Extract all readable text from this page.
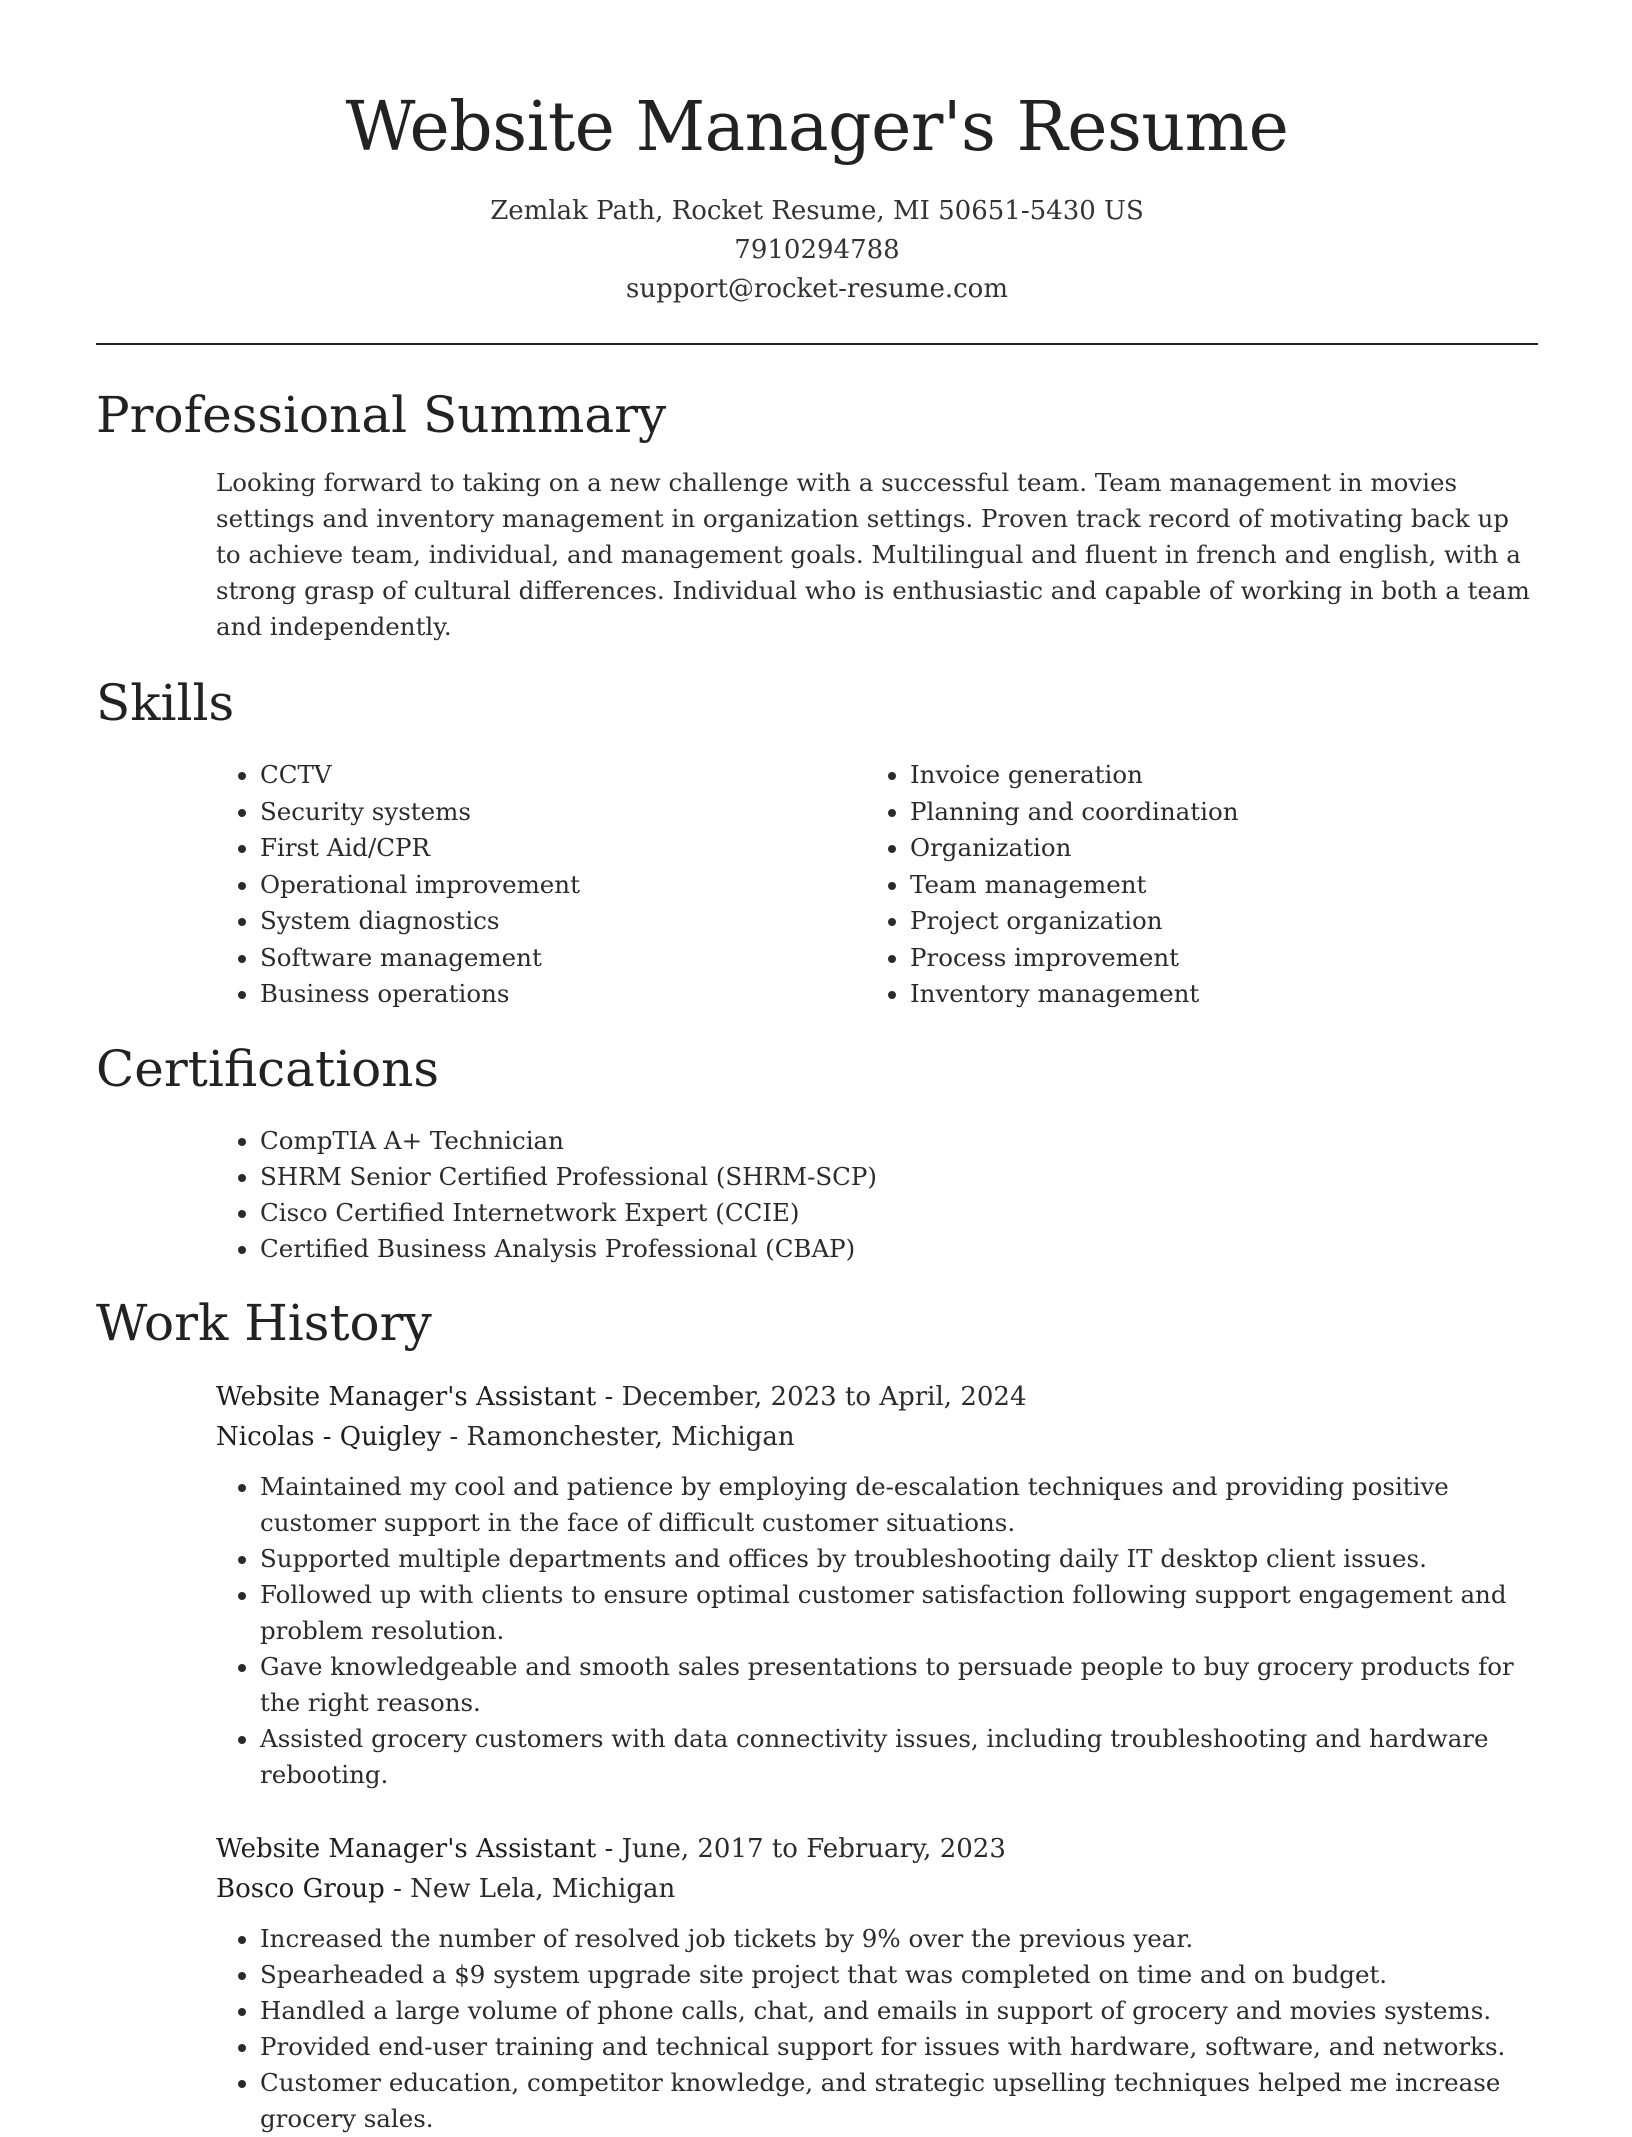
Website Manager's Resume
Zemlak Path, Rocket Resume, MI 50651-5430 US
7910294788
support@rocket-resume.com
Professional Summary

Looking forward to taking on a new challenge with a successful team. Team management in movies settings and inventory management in organization settings. Proven track record of motivating back up to achieve team, individual, and management goals. Multilingual and fluent in french and english, with a strong grasp of cultural differences. Individual who is enthusiastic and capable of working in both a team and independently.

Skills
• CCTV
• Security systems
• First Aid/CPR
• Operational improvement
• System diagnostics
• Software management
• Business operations
• Invoice generation
• Planning and coordination
• Organization
• Team management
• Project organization
• Process improvement
• Inventory management
Certifications
• CompTIA A+ Technician
• SHRM Senior Certified Professional (SHRM-SCP)
• Cisco Certified Internetwork Expert (CCIE)
• Certified Business Analysis Professional (CBAP)
Work History
Website Manager's Assistant - December, 2023 to April, 2024
Nicolas - Quigley - Ramonchester, Michigan
• Maintained my cool and patience by employing de-escalation techniques and providing positive customer support in the face of difficult customer situations.
• Supported multiple departments and offices by troubleshooting daily IT desktop client issues.
• Followed up with clients to ensure optimal customer satisfaction following support engagement and problem resolution.
• Gave knowledgeable and smooth sales presentations to persuade people to buy grocery products for the right reasons.
• Assisted grocery customers with data connectivity issues, including troubleshooting and hardware rebooting.
Website Manager's Assistant - June, 2017 to February, 2023
Bosco Group - New Lela, Michigan
• Increased the number of resolved job tickets by 9% over the previous year.
• Spearheaded a $9 system upgrade site project that was completed on time and on budget.
• Handled a large volume of phone calls, chat, and emails in support of grocery and movies systems.
• Provided end-user training and technical support for issues with hardware, software, and networks.
• Customer education, competitor knowledge, and strategic upselling techniques helped me increase grocery sales.
